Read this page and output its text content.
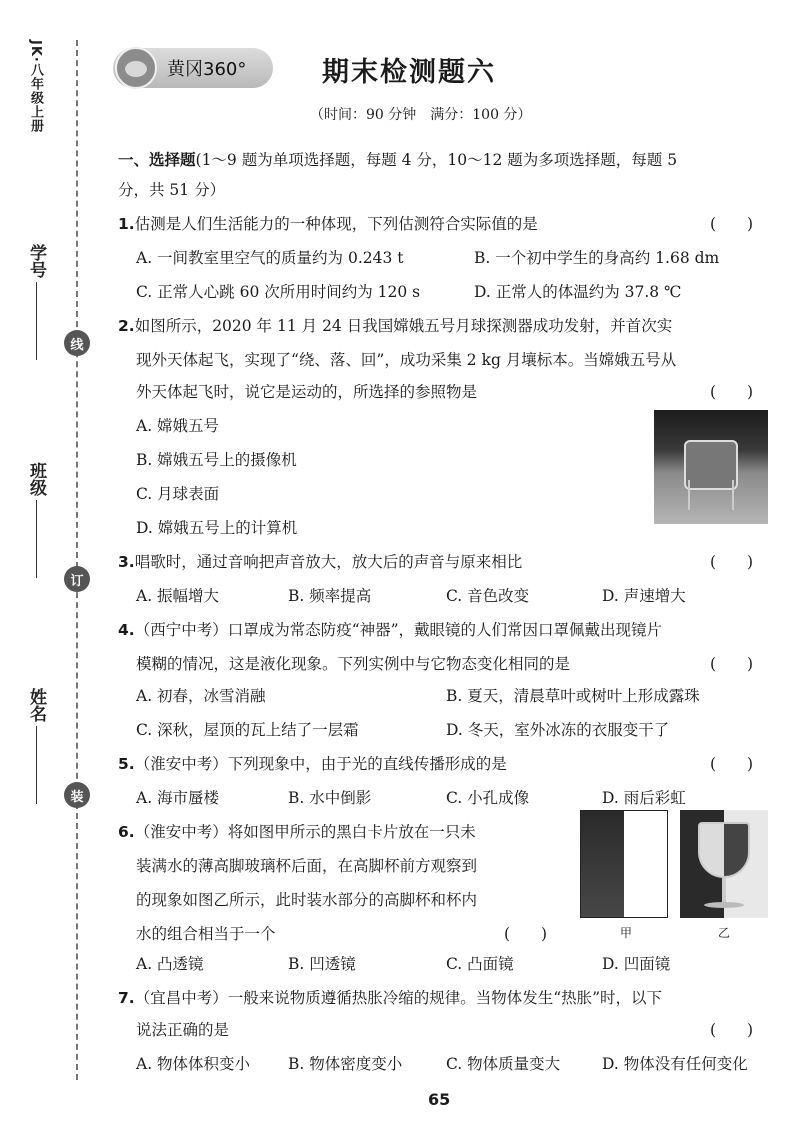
JK·八年级上册
学号
班级
姓名
线
订
装
黄冈360°	期末检测题六
（时间：90 分钟　满分：100 分）
一、选择题(1～9 题为单项选择题，每题 4 分，10～12 题为多项选择题，每题 5
分，共 51 分）
1.估测是人们生活能力的一种体现，下列估测符合实际值的是	(　　)
A. 一间教室里空气的质量约为 0.243 t	B. 一个初中学生的身高约 1.68 dm
C. 正常人心跳 60 次所用时间约为 120 s	D. 正常人的体温约为 37.8 ℃
2.如图所示，2020 年 11 月 24 日我国嫦娥五号月球探测器成功发射，并首次实
现外天体起飞，实现了“绕、落、回”，成功采集 2 kg 月壤标本。当嫦娥五号从
外天体起飞时，说它是运动的，所选择的参照物是	(　　)
A. 嫦娥五号
B. 嫦娥五号上的摄像机
C. 月球表面
D. 嫦娥五号上的计算机
3.唱歌时，通过音响把声音放大，放大后的声音与原来相比	(　　)
A. 振幅增大	B. 频率提高	C. 音色改变	D. 声速增大
4.（西宁中考）口罩成为常态防疫“神器”，戴眼镜的人们常因口罩佩戴出现镜片
模糊的情况，这是液化现象。下列实例中与它物态变化相同的是	(　　)
A. 初春，冰雪消融	B. 夏天，清晨草叶或树叶上形成露珠
C. 深秋，屋顶的瓦上结了一层霜	D. 冬天，室外冰冻的衣服变干了
5.（淮安中考）下列现象中，由于光的直线传播形成的是	(　　)
A. 海市蜃楼	B. 水中倒影	C. 小孔成像	D. 雨后彩虹
6.（淮安中考）将如图甲所示的黑白卡片放在一只未
装满水的薄高脚玻璃杯后面，在高脚杯前方观察到
的现象如图乙所示，此时装水部分的高脚杯和杯内
水的组合相当于一个	(　　)
A. 凸透镜	B. 凹透镜	C. 凸面镜	D. 凹面镜
7.（宜昌中考）一般来说物质遵循热胀冷缩的规律。当物体发生“热胀”时，以下
说法正确的是	(　　)
A. 物体体积变小 B. 物体密度变小	C. 物体质量变大	D. 物体没有任何变化
甲	乙
65
